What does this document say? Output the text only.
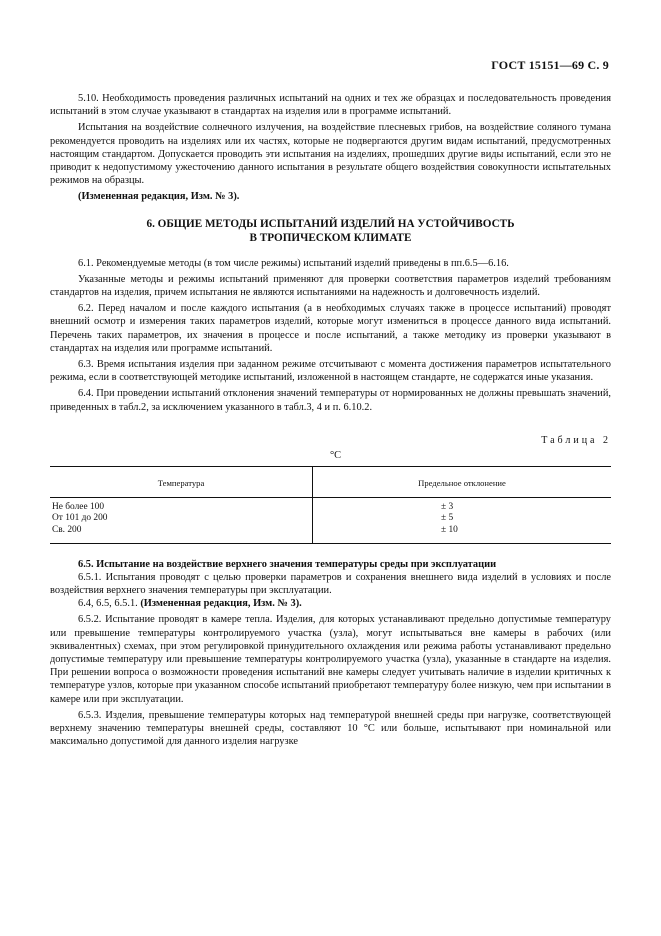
ГОСТ 15151—69 С. 9

5.10. Необходимость проведения различных испытаний на одних и тех же образцах и последовательность проведения испытаний в этом случае указывают в стандартах на изделия или в программе испытаний.

Испытания на воздействие солнечного излучения, на воздействие плесневых грибов, на воздействие соляного тумана рекомендуется проводить на изделиях или их частях, которые не подвергаются другим видам испытаний, предусмотренных настоящим стандартом. Допускается проводить эти испытания на изделиях, прошедших другие виды испытаний, если это не приводит к недопустимому ужесточению данного испытания в результате общего воздействия совокупности испытательных режимов на образцы.

(Измененная редакция, Изм. № 3).

6. ОБЩИЕ МЕТОДЫ ИСПЫТАНИЙ ИЗДЕЛИЙ НА УСТОЙЧИВОСТЬ
В ТРОПИЧЕСКОМ КЛИМАТЕ

6.1. Рекомендуемые методы (в том числе режимы) испытаний изделий приведены в пп.6.5—6.16.

Указанные методы и режимы испытаний применяют для проверки соответствия параметров изделий требованиям стандартов на изделия, причем испытания не являются испытаниями на надежность и долговечность изделий.

6.2. Перед началом и после каждого испытания (а в необходимых случаях также в процессе испытаний) проводят внешний осмотр и измерения таких параметров изделий, которые могут измениться в процессе данного вида испытаний. Перечень таких параметров, их значения в процессе и после испытаний, а также методику из проверки указывают в стандартах на изделия или программе испытаний.

6.3. Время испытания изделия при заданном режиме отсчитывают с момента достижения параметров испытательного режима, если в соответствующей методике испытаний, изложенной в настоящем стандарте, не содержатся иные указания.

6.4. При проведении испытаний отклонения значений температуры от нормированных не должны превышать значений, приведенных в табл.2, за исключением указанного в табл.3, 4 и п. 6.10.2.

Таблица 2
°C
Температура	Предельное отклонение
Не более 100	± 3
От 101 до 200	± 5
Св. 200	± 10

6.5. Испытание на воздействие верхнего значения температуры среды при эксплуатации

6.5.1. Испытания проводят с целью проверки параметров и сохранения внешнего вида изделий в условиях и после воздействия верхнего значения температуры при эксплуатации.

6.4, 6.5, 6.5.1. (Измененная редакция, Изм. № 3).

6.5.2. Испытание проводят в камере тепла. Изделия, для которых устанавливают предельно допустимые температуру или превышение температуры контролируемого участка (узла), могут испытываться вне камеры в рабочих (или эквивалентных) схемах, при этом регулировкой принудительного охлаждения или режима работы устанавливают предельно допустимые температуру или превышение температуры контролируемого участка (узла), указанные в стандарте на изделия. При решении вопроса о возможности проведения испытаний вне камеры следует учитывать наличие в изделии критичных к температуре узлов, которые при указанном способе испытаний приобретают температуру более низкую, чем при испытании в камере или при эксплуатации.

6.5.3. Изделия, превышение температуры которых над температурой внешней среды при нагрузке, соответствующей верхнему значению температуры внешней среды, составляют 10 °С или больше, испытывают при номинальной или максимально допустимой для данного изделия нагрузке
